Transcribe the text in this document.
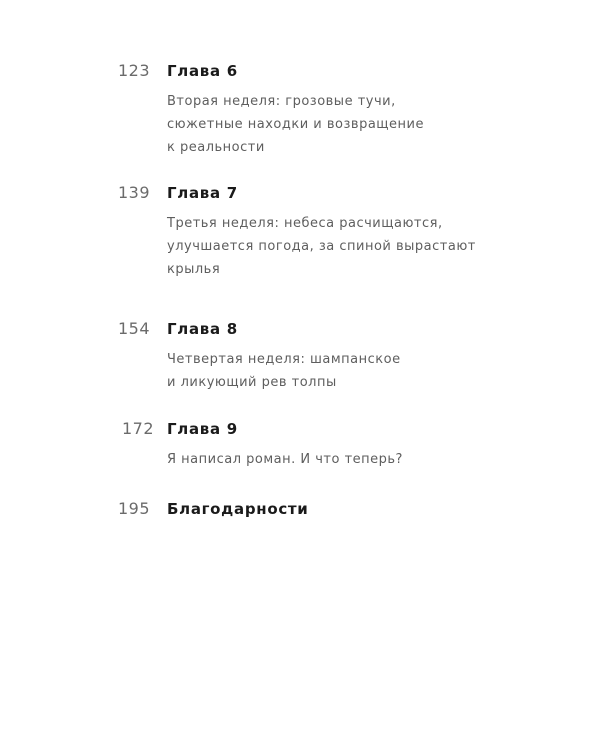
123 Глава 6
Вторая неделя: грозовые тучи,
сюжетные находки и возвращение
к реальности
139 Глава 7
Третья неделя: небеса расчищаются,
улучшается погода, за спиной вырастают
крылья
154 Глава 8
Четвертая неделя: шампанское
и ликующий рев толпы
172 Глава 9
Я написал роман. И что теперь?
195 Благодарности
